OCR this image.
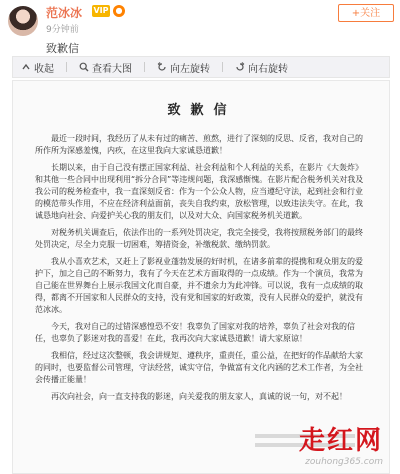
范冰冰 VIP ●
9分钟前
+关注
致歉信
收起	查看大图	向左旋转	向右旋转
致歉信

最近一段时间，我经历了从未有过的痛苦、煎熬，进行了深刻的反思、反省，我对自己的所作所为深感羞愧，内疚，在这里我向大家诚恳道歉！

长期以来，由于自己没有摆正国家利益、社会利益和个人利益的关系，在影片《大轰炸》和其他一些合同中出现利用“拆分合同”等违规问题，我深感惭愧。在影片配合税务机关对我及我公司的税务检查中，我一直深刻反省：作为一个公众人物，应当遵纪守法，起到社会和行业的模范带头作用，不应在经济利益面前，丧失自我约束，放松管理，以致违法失守。在此，我诚恳地向社会、向爱护关心我的朋友们，以及对大众、向国家税务机关道歉。

对税务机关调查后，依法作出的一系列处罚决定，我完全接受，我将按照税务部门的最终处罚决定，尽全力克服一切困难，筹措资金，补缴税款、缴纳罚款。

我从小喜欢艺术，又赶上了影视业蓬勃发展的好时机，在诸多前辈的提携和观众朋友的爱护下，加之自己的不断努力，我有了今天在艺术方面取得的一点成绩。作为一个演员，我常为自己能在世界舞台上展示我国文化而自豪，并不遗余力为此冲锋。可以说，我有一点成绩的取得，都离不开国家和人民群众的支持，没有党和国家的好政策，没有人民群众的爱护，就没有范冰冰。

今天，我对自己的过错深感惶恐不安！我辜负了国家对我的培养，辜负了社会对我的信任，也辜负了影迷对我的喜爱！在此，我再次向大家诚恳道歉！请大家原谅！

我相信，经过这次整顿，我会讲规矩、遵秩序，重责任，重公益，在把好的作品献给大家的同时，也要监督公司管理，守法经营，诚实守信，争做富有文化内涵的艺术工作者，为全社会传播正能量！

再次向社会，向一直支持我的影迷，向关爱我的朋友家人，真诚的说一句，对不起！

走红网
zouhong365.com
